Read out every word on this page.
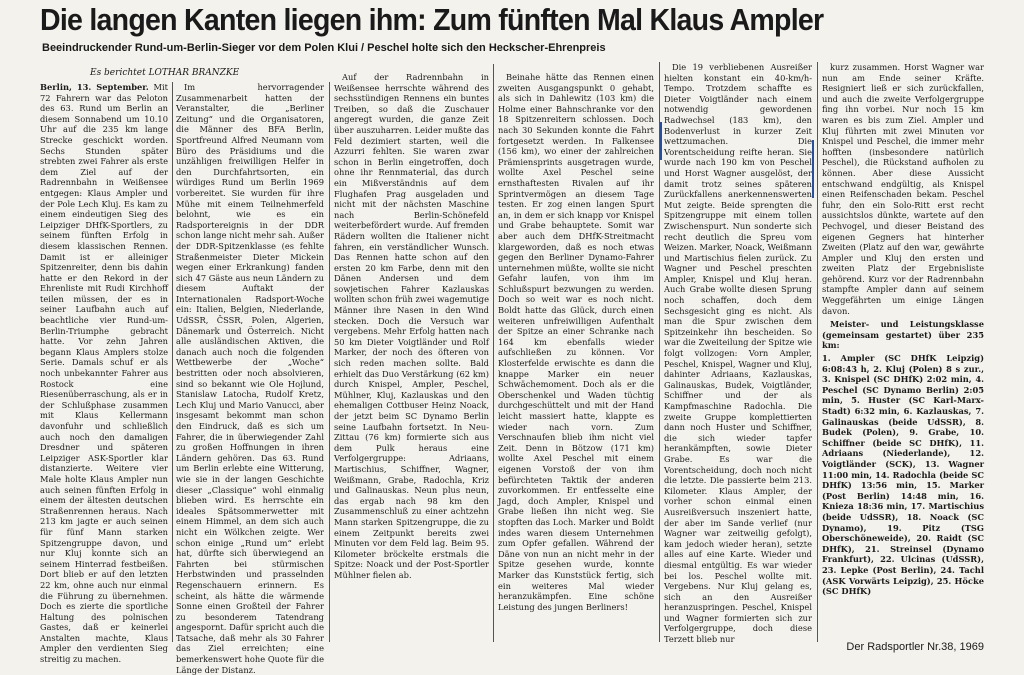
Die langen Kanten liegen ihm: Zum fünften Mal Klaus Ampler
Beeindruckender Rund-um-Berlin-Sieger vor dem Polen Klui / Peschel holte sich den Heckscher-Ehrenpreis
Es berichtet LOTHAR BRANZKE

Berlin, 13. September. Mit 72 Fahrern war das Peloton des 63. Rund um Berlin an diesem Sonnabend um 10.10 Uhr auf die 235 km lange Strecke geschickt worden. Sechs Stunden später strebten zwei Fahrer als erste dem Ziel auf der Radrennbahn in Weißensee entgegen: Klaus Ampler und der Pole Lech Kluj. Es kam zu einem eindeutigen Sieg des Leipziger DHfK-Sportlers, zu seinem fünften Erfolg in diesem klassischen Rennen. Damit ist er alleiniger Spitzenreiter, denn bis dahin hatte er den Rekord in der Ehrenliste mit Rudi Kirchhoff teilen müssen, der es in seiner Laufbahn auch auf beachtliche vier Rund-um-Berlin-Triumphe gebracht hatte. Vor zehn Jahren begann Klaus Amplers stolze Serie. Damals schuf er als noch unbekannter Fahrer aus Rostock eine Riesenüberraschung, als er in der Schlußphase zusammen mit Klaus Kellermann davonfuhr und schließlich auch noch den damaligen Dresdner und späteren Leipziger ASK-Sportler klar distanzierte. Weitere vier Male holte Klaus Ampler nun auch seinen fünften Erfolg in einem der ältesten deutschen Straßenrennen heraus. Nach 213 km jagte er auch seinen für fünf Mann starken Spitzengruppe davon, und nur Kluj konnte sich an seinem Hinterrad festbeißen. Dort blieb er auf den letzten 22 km, ohne auch nur einmal die Führung zu übernehmen. Doch es zierte die sportliche Haltung des polnischen Gastes, daß er keinerlei Anstalten machte, Klaus Ampler den verdienten Sieg streitig zu machen.

Im hervorragender Zusammenarbeit hatten der Veranstalter, die „Berliner Zeitung“ und die Organisatoren, die Männer des BFA Berlin, Sportfreund Alfred Neumann vom Büro des Präsidiums und die unzähligen freiwilligen Helfer in den Durchfahrtsorten, ein würdiges Rund um Berlin 1969 vorbereitet. Sie wurden für ihre Mühe mit einem Teilnehmerfeld belohnt, wie es ein Radsportereignis in der DDR schon lange nicht mehr sah. Außer der DDR-Spitzenklasse (es fehlte Straßenmeister Dieter Mickein wegen einer Erkrankung) fanden sich 47 Gäste aus neun Ländern zu diesem Auftakt der Internationalen Radsport-Woche ein: Italien, Belgien, Niederlande, UdSSR, ČSSR, Polen, Algerien, Dänemark und Österreich. Nicht alle ausländischen Aktiven, die danach auch noch die folgenden Wettbewerbe der „Woche“ bestritten oder noch absolvieren, sind so bekannt wie Ole Hojlund, Stanislaw Latocha, Rudolf Kretz, Lech Kluj und Mario Vanucci, aber insgesamt bekommt man schon den Eindruck, daß es sich um Fahrer, die in überwiegender Zahl zu großen Hoffnungen in ihren Ländern gehören. Das 63. Rund um Berlin erlebte eine Witterung, wie sie in der langen Geschichte dieser „Classique“ wohl einmalig blieben wird. Es herrschte ein ideales Spätsommerwetter mit einem Himmel, an dem sich auch nicht ein Wölkchen zeigte. Wer schon einige „Rund um“ erlebt hat, dürfte sich überwiegend an Fahrten bei stürmischen Herbstwinden und prasselnden Regenschauern erinnern. Es scheint, als hätte die wärmende Sonne einen Großteil der Fahrer zu besonderem Tatendrang angespornt. Dafür spricht auch die Tatsache, daß mehr als 30 Fahrer das Ziel erreichten; eine bemerkenswert hohe Quote für die Länge der Distanz.

Auf der Radrennbahn in Weißensee herrschte während des sechsstündigen Rennens ein buntes Treiben, so daß die Zuschauer angeregt wurden, die ganze Zeit über auszuharren. Leider mußte das Feld dezimiert starten, weil die Azzurri fehlten. Sie waren zwar schon in Berlin eingetroffen, doch ohne ihr Rennmaterial, das durch ein Mißverständnis auf dem Flughafen Prag ausgeladen und nicht mit der nächsten Maschine nach Berlin-Schönefeld weiterbefördert wurde. Auf fremden Rädern wollten die Italiener nicht fahren, ein verständlicher Wunsch. Das Rennen hatte schon auf den ersten 20 km Farbe, denn mit den Dänen Andersen und dem sowjetischen Fahrer Kazlauskas wollten schon früh zwei wagemutige Männer ihre Nasen in den Wind stecken. Doch die Versuch war vergebens. Mehr Erfolg hatten nach 50 km Dieter Voigtländer und Rolf Marker, der noch des öfteren von sich reden machen sollte. Bald erhielt das Duo Verstärkung (62 km) durch Knispel, Ampler, Peschel, Mühlner, Kluj, Kazlauskas und den ehemaligen Cottbuser Heinz Noack, der jetzt beim SC Dynamo Berlin seine Laufbahn fortsetzt. In Neu-Zittau (76 km) formierte sich aus dem Pulk heraus eine Verfolgergruppe: Adriaans, Martischius, Schiffner, Wagner, Weißmann, Grabe, Radochla, Kriz und Galinauskas. Neun plus neun, das ergab nach 98 km den Zusammenschluß zu einer achtzehn Mann starken Spitzengruppe, die zu einem Zeitpunkt bereits zwei Minuten vor dem Feld lag. Beim 95. Kilometer bröckelte erstmals die Spitze: Noack und der Post-Sportler Mühlner fielen ab.

Beinahe hätte das Rennen einen zweiten Ausgangspunkt 0 gehabt, als sich in Dahlewitz (103 km) die Holme einer Bahnschranke vor den 18 Spitzenreitern schlossen. Doch nach 30 Sekunden konnte die Fahrt fortgesetzt werden. In Falkensee (156 km), wo einer der zahlreichen Prämiensprints ausgetragen wurde, wollte Axel Peschel seine ernsthaftesten Rivalen auf ihr Sprintvermögen an diesem Tage testen. Er zog einen langen Spurt an, in dem er sich knapp vor Knispel und Grabe behauptete. Somit war aber auch dem DHfK-Streitmacht klargeworden, daß es noch etwas gegen den Berliner Dynamo-Fahrer unternehmen müßte, wollte sie nicht Gefahr laufen, von ihm im Schlußspurt bezwungen zu werden. Doch so weit war es noch nicht. Boldt hatte das Glück, durch einen weiteren unfreiwilligen Aufenthalt der Spitze an einer Schranke nach 164 km ebenfalls wieder aufschließen zu können. Vor Klosterfelde erwischte es dann die knappe Marker ein neuer Schwächemoment. Doch als er die Oberschenkel und Waden tüchtig durchgeschüttelt und mit der Hand leicht massiert hatte, klappte es wieder nach vorn. Zum Verschnaufen blieb ihm nicht viel Zeit. Denn in Bötzow (171 km) wollte Axel Peschel mit einem eigenen Vorstoß der von ihm befürchteten Taktik der anderen zuvorkommen. Er entfesselte eine Jagd, doch Ampler, Knispel und Grabe ließen ihn nicht weg. Sie stopften das Loch. Marker und Boldt indes waren diesem Unternehmen zum Opfer gefallen. Während der Däne von nun an nicht mehr in der Spitze gesehen wurde, konnte Marker das Kunststück fertig, sich ein weiteres Mal wieder heranzukämpfen. Eine schöne Leistung des jungen Berliners!

Die 19 verbliebenen Ausreißer hielten konstant ein 40-km/h-Tempo. Trotzdem schaffte es Dieter Voigtländer nach einem notwendig gewordenen Radwechsel (183 km), den Bodenverlust in kurzer Zeit wettzumachen. Die Vorentscheidung reifte heran. Sie wurde nach 190 km von Peschel und Horst Wagner ausgelöst, der damit trotz seines späteren Zurückfallens anerkennenswerten Mut zeigte. Beide sprengten die Spitzengruppe mit einem tollen Zwischenspurt. Nun sonderte sich recht deutlich die Spreu vom Weizen. Marker, Noack, Weißmann und Martischius fielen zurück. Zu Wagner und Peschel preschten Ampler, Knispel und Kluj heran. Auch Grabe wollte diesen Sprung noch schaffen, doch dem Sechsgesicht ging es nicht. Als man die Spur zwischen dem Spitzeinkehr ihn bescheiden. So war die Zweiteilung der Spitze wie folgt vollzogen: Vorn Ampler, Peschel, Knispel, Wagner und Kluj, dahinter Adriaans, Kazlauskas, Galinauskas, Budek, Voigtländer, Schiffner und der als Kampfmaschine Radochla. Die zweite Gruppe komplettierten dann noch Huster und Schiffner, die sich wieder tapfer herankämpften, sowie Dieter Grabe. Es war die Vorentscheidung, doch noch nicht die letzte. Die passierte beim 213. Kilometer. Klaus Ampler, der vorher schon einmal einen Ausreißversuch inszeniert hatte, der aber im Sande verlief (nur Wagner war zeitweilig gefolgt), kam jedoch wieder heran), setzte alles auf eine Karte. Wieder und diesmal entgültig. Es war wieder bei los. Peschel wollte mit. Vergebens. Nur Kluj gelang es, sich an den Ausreißer heranzuspringen. Peschel, Knispel und Wagner formierten sich zur Verfolgergruppe, doch diese Terzett blieb nur

kurz zusammen. Horst Wagner war nun am Ende seiner Kräfte. Resigniert ließ er sich zurückfallen, und auch die zweite Verfolgergruppe fing ihn vorbei. Nur noch 15 km waren es bis zum Ziel. Ampler und Kluj führten mit zwei Minuten vor Knispel und Peschel, die immer mehr hofften (insbesondere natürlich Peschel), die Rückstand aufholen zu können. Aber diese Aussicht entschwand endgültig, als Knispel einen Reifenschaden bekam. Peschel fuhr, den ein Solo-Ritt erst recht aussichtslos dünkte, wartete auf den Pechvogel, und dieser Beistand des eigenen Gegners hat hinterher Zweiten (Platz auf den war, gewährte Ampler und Kluj den ersten und zweiten Platz der Ergebnisliste gehörend. Kurz vor der Radrennbahn stampfte Ampler dann auf seinem Weggefährten um einige Längen davon.

Meister- und Leistungsklasse (gemeinsam gestartet) über 235 km:

1. Ampler (SC DHfK Leipzig) 6:08:43 h, 2. Kluj (Polen) 8 s zur., 3. Knispel (SC DHfK) 2:02 min, 4. Peschel (SC Dynamo Berlin) 2:05 min, 5. Huster (SC Karl-Marx-Stadt) 6:32 min, 6. Kazlauskas, 7. Galinauskas (beide UdSSR), 8. Budek (Polen), 9. Grabe, 10. Schiffner (beide SC DHfK), 11. Adriaans (Niederlande), 12. Voigtländer (SCK), 13. Wagner 11:00 min, 14. Radochla (beide SC DHfK) 13:56 min, 15. Marker (Post Berlin) 14:48 min, 16. Knieza 18:36 min, 17. Martischius (beide UdSSR), 18. Noack (SC Dynamo), 19. Pitz (TSG Oberschöneweide), 20. Raidt (SC DHfK), 21. Streinsel (Dynamo Frankfurt), 22. Ulcinas (UdSSR), 23. Lepke (Post Berlin), 24. Tachl (ASK Vorwärts Leipzig), 25. Höcke (SC DHfK)

Der Radsportler Nr.38, 1969
